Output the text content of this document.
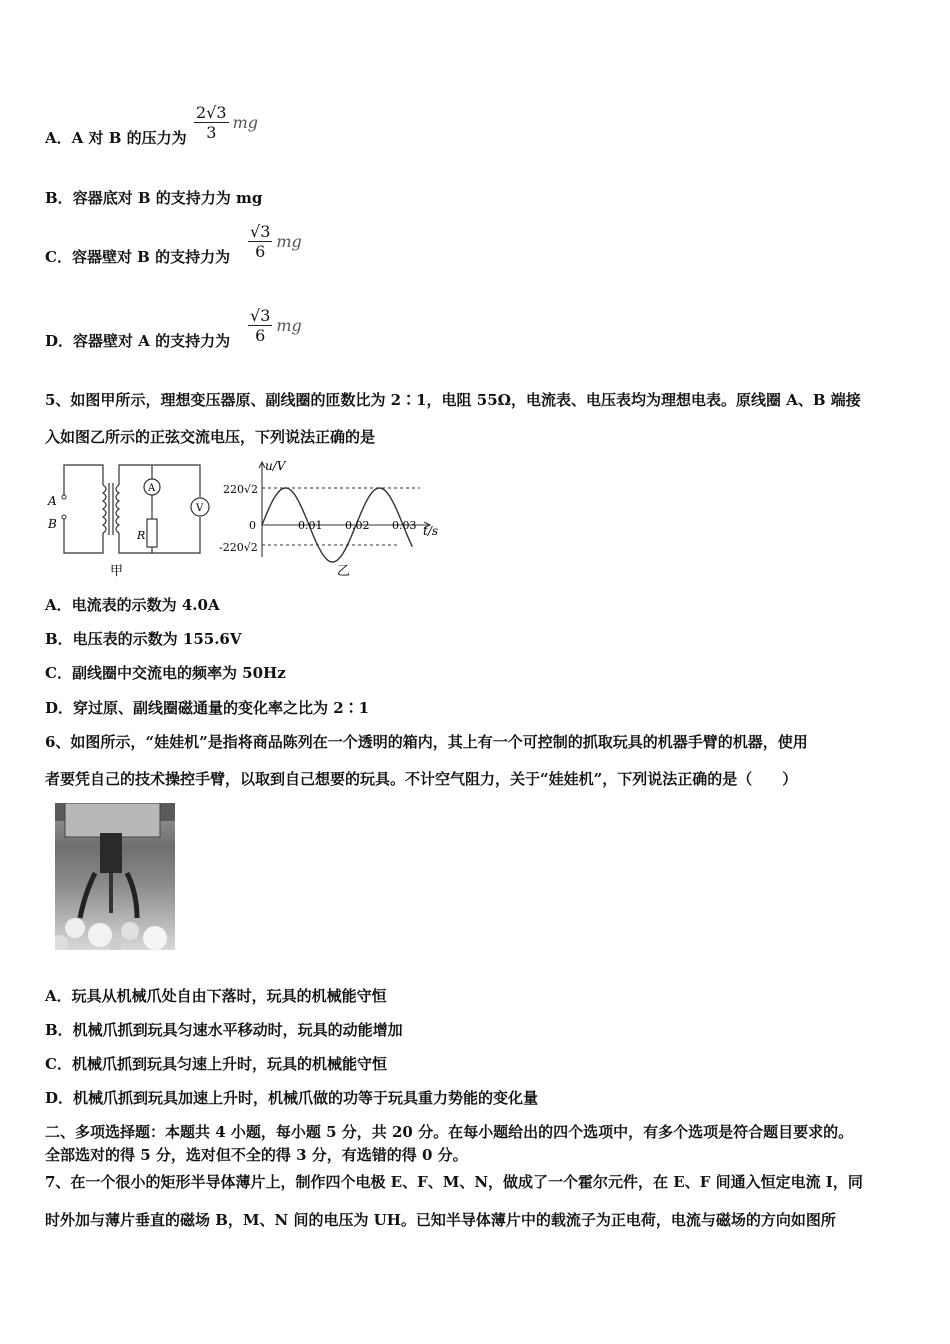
A．A 对 B 的压力为 $\frac{2√3}{3}$ mg
B．容器底对 B 的支持力为 mg
C．容器壁对 B 的支持力为 $\frac{√3}{6}$ mg
D．容器壁对 A 的支持力为 $\frac{√3}{6}$ mg
5、如图甲所示，理想变压器原、副线圈的匝数比为 2∶1，电阻 55Ω，电流表、电压表均为理想电表。原线圈 A、B 端接
入如图乙所示的正弦交流电压，下列说法正确的是
A
B
A
V
R
甲
u/V
t/s
220√2
-220√2
0	0.01 0.02 0.03
乙
A．电流表的示数为 4.0A
B．电压表的示数为 155.6V
C．副线圈中交流电的频率为 50Hz
D．穿过原、副线圈磁通量的变化率之比为 2∶1
6、如图所示，“娃娃机”是指将商品陈列在一个透明的箱内，其上有一个可控制的抓取玩具的机器手臂的机器，使用
者要凭自己的技术操控手臂，以取到自己想要的玩具。不计空气阻力，关于“娃娃机”，下列说法正确的是（　　）
A．玩具从机械爪处自由下落时，玩具的机械能守恒
B．机械爪抓到玩具匀速水平移动时，玩具的动能增加
C．机械爪抓到玩具匀速上升时，玩具的机械能守恒
D．机械爪抓到玩具加速上升时，机械爪做的功等于玩具重力势能的变化量
二、多项选择题：本题共 4 小题，每小题 5 分，共 20 分。在每小题给出的四个选项中，有多个选项是符合题目要求的。
全部选对的得 5 分，选对但不全的得 3 分，有选错的得 0 分。
7、在一个很小的矩形半导体薄片上，制作四个电极 E、F、M、N，做成了一个霍尔元件，在 E、F 间通入恒定电流 I，同
时外加与薄片垂直的磁场 B，M、N 间的电压为 UH。已知半导体薄片中的载流子为正电荷，电流与磁场的方向如图所
